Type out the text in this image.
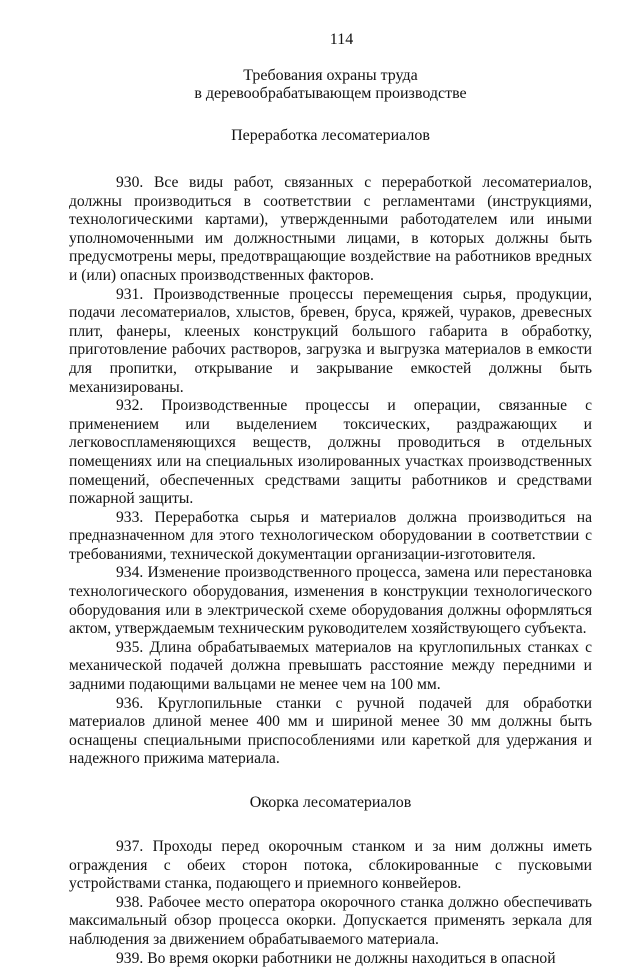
114
Требования охраны труда
в деревообрабатывающем производстве
Переработка лесоматериалов

930. Все виды работ, связанных с переработкой лесоматериалов, должны производиться в соответствии с регламентами (инструкциями, технологическими картами), утвержденными работодателем или иными уполномоченными им должностными лицами, в которых должны быть предусмотрены меры, предотвращающие воздействие на работников вредных и (или) опасных производственных факторов.

931. Производственные процессы перемещения сырья, продукции, подачи лесоматериалов, хлыстов, бревен, бруса, кряжей, чураков, древесных плит, фанеры, клееных конструкций большого габарита в обработку, приготовление рабочих растворов, загрузка и выгрузка материалов в емкости для пропитки, открывание и закрывание емкостей должны быть механизированы.

932. Производственные процессы и операции, связанные с применением или выделением токсических, раздражающих и легковоспламеняющихся веществ, должны проводиться в отдельных помещениях или на специальных изолированных участках производственных помещений, обеспеченных средствами защиты работников и средствами пожарной защиты.

933. Переработка сырья и материалов должна производиться на предназначенном для этого технологическом оборудовании в соответствии с требованиями, технической документации организации-изготовителя.

934. Изменение производственного процесса, замена или перестановка технологического оборудования, изменения в конструкции технологического оборудования или в электрической схеме оборудования должны оформляться актом, утверждаемым техническим руководителем хозяйствующего субъекта.

935. Длина обрабатываемых материалов на круглопильных станках с механической подачей должна превышать расстояние между передними и задними подающими вальцами не менее чем на 100 мм.

936. Круглопильные станки с ручной подачей для обработки материалов длиной менее 400 мм и шириной менее 30 мм должны быть оснащены специальными приспособлениями или кареткой для удержания и надежного прижима материала.

Окорка лесоматериалов

937. Проходы перед окорочным станком и за ним должны иметь ограждения с обеих сторон потока, сблокированные с пусковыми устройствами станка, подающего и приемного конвейеров.

938. Рабочее место оператора окорочного станка должно обеспечивать максимальный обзор процесса окорки. Допускается применять зеркала для наблюдения за движением обрабатываемого материала.

939. Во время окорки работники не должны находиться в опасной
